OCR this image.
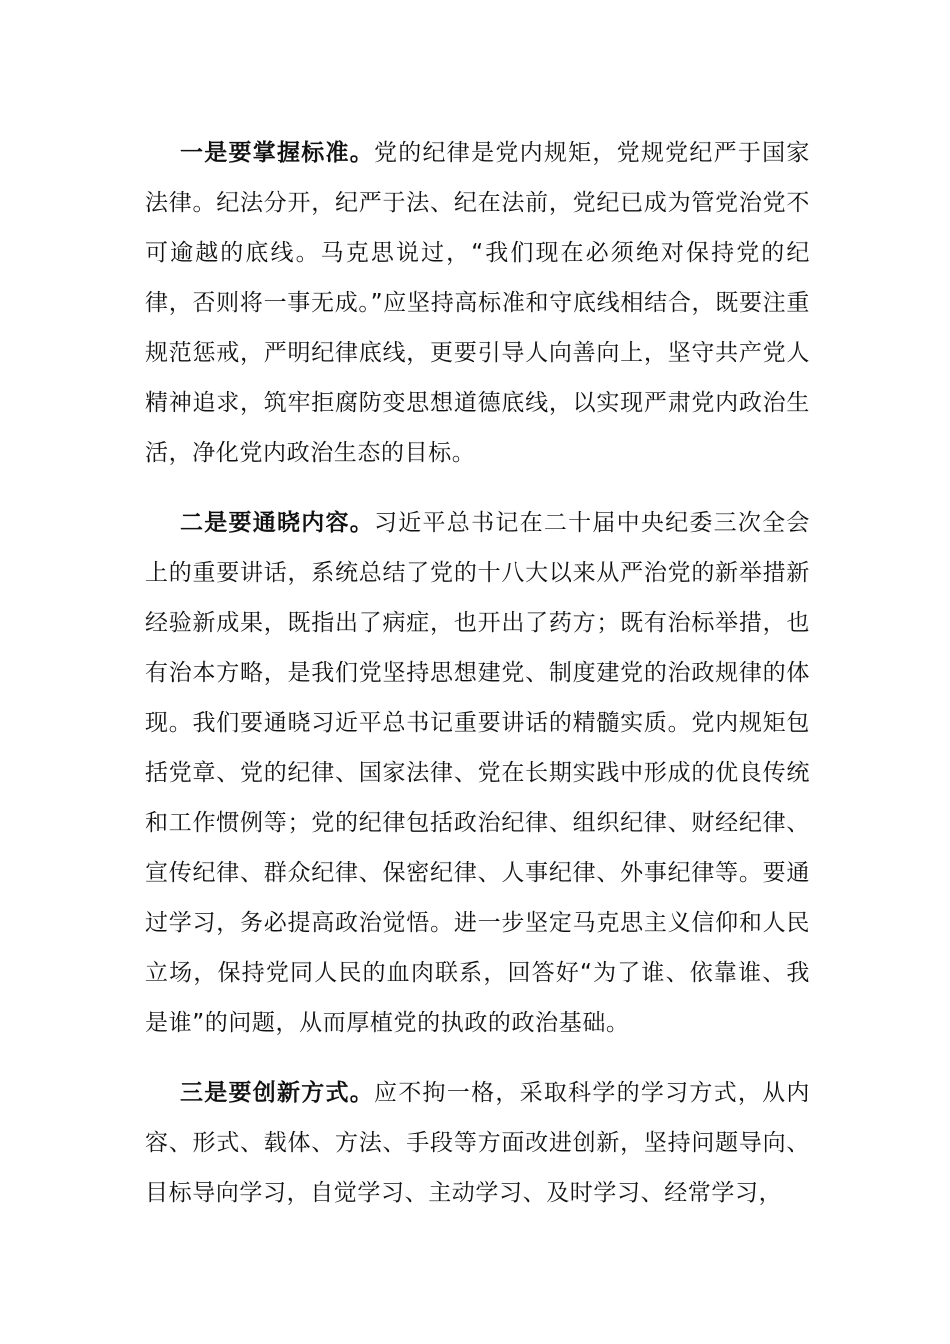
一是要掌握标准。党的纪律是党内规矩，党规党纪严于国家法律。纪法分开，纪严于法、纪在法前，党纪已成为管党治党不可逾越的底线。马克思说过，“我们现在必须绝对保持党的纪律，否则将一事无成。”应坚持高标准和守底线相结合，既要注重规范惩戒，严明纪律底线，更要引导人向善向上，坚守共产党人精神追求，筑牢拒腐防变思想道德底线，以实现严肃党内政治生活，净化党内政治生态的目标。

二是要通晓内容。习近平总书记在二十届中央纪委三次全会上的重要讲话，系统总结了党的十八大以来从严治党的新举措新经验新成果，既指出了病症，也开出了药方；既有治标举措，也有治本方略，是我们党坚持思想建党、制度建党的治政规律的体现。我们要通晓习近平总书记重要讲话的精髓实质。党内规矩包括党章、党的纪律、国家法律、党在长期实践中形成的优良传统和工作惯例等；党的纪律包括政治纪律、组织纪律、财经纪律、宣传纪律、群众纪律、保密纪律、人事纪律、外事纪律等。要通过学习，务必提高政治觉悟。进一步坚定马克思主义信仰和人民立场，保持党同人民的血肉联系，回答好“为了谁、依靠谁、我是谁”的问题，从而厚植党的执政的政治基础。

三是要创新方式。应不拘一格，采取科学的学习方式，从内容、形式、载体、方法、手段等方面改进创新，坚持问题导向、目标导向学习，自觉学习、主动学习、及时学习、经常学习，
